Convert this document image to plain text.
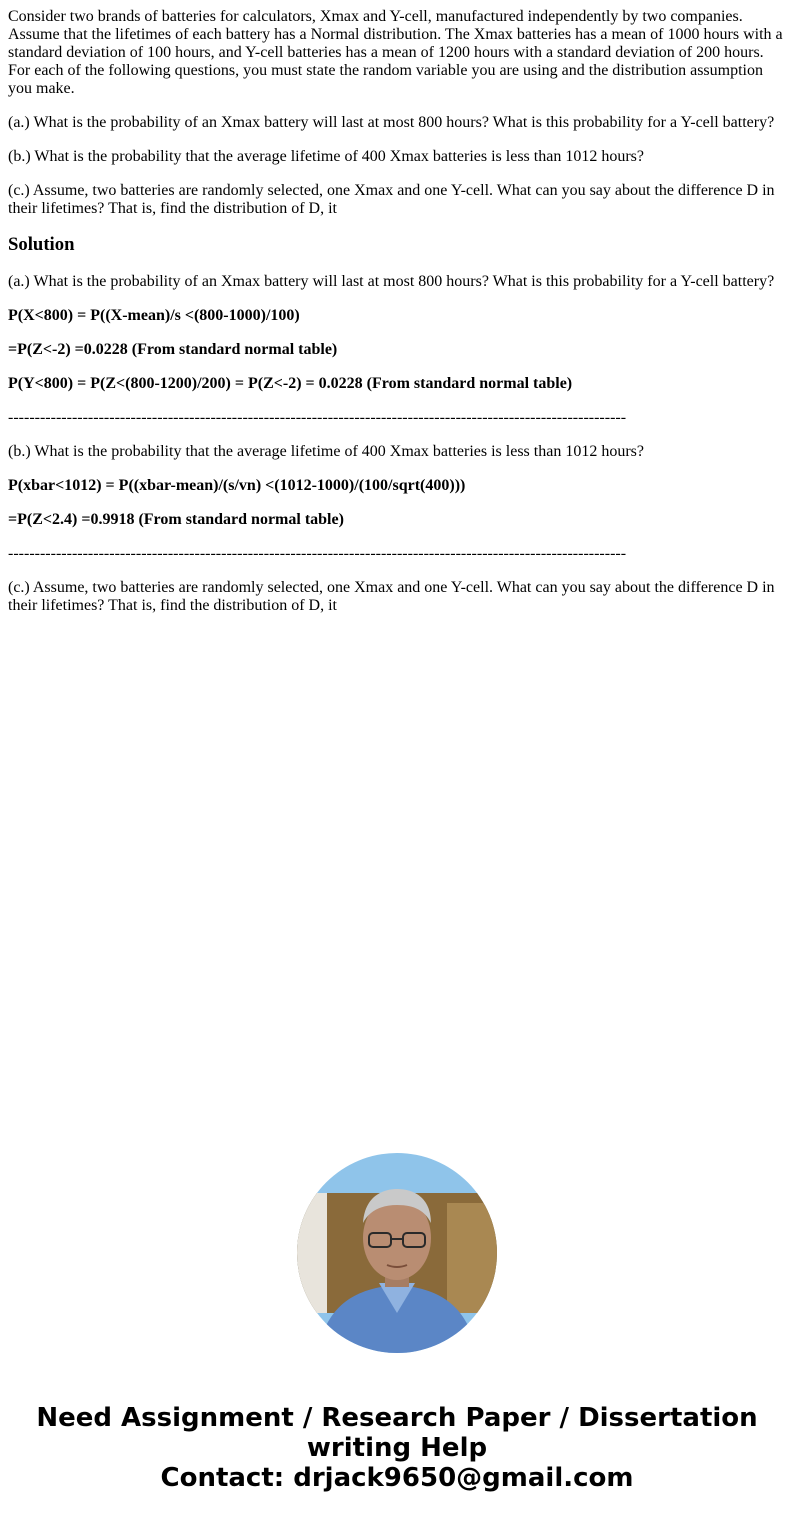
Consider two brands of batteries for calculators, Xmax and Y-cell, manufactured independently by two companies. Assume that the lifetimes of each battery has a Normal distribution. The Xmax batteries has a mean of 1000 hours with a standard deviation of 100 hours, and Y-cell batteries has a mean of 1200 hours with a standard deviation of 200 hours. For each of the following questions, you must state the random variable you are using and the distribution assumption you make.

(a.) What is the probability of an Xmax battery will last at most 800 hours? What is this probability for a Y-cell battery?

(b.) What is the probability that the average lifetime of 400 Xmax batteries is less than 1012 hours?

(c.) Assume, two batteries are randomly selected, one Xmax and one Y-cell. What can you say about the difference D in their lifetimes? That is, find the distribution of D, it

Solution

(a.) What is the probability of an Xmax battery will last at most 800 hours? What is this probability for a Y-cell battery?

P(X<800) = P((X-mean)/s <(800-1000)/100)

=P(Z<-2) =0.0228 (From standard normal table)

P(Y<800) = P(Z<(800-1200)/200) = P(Z<-2) = 0.0228 (From standard normal table)

--------------------------------------------------------------------------------------------------------------------

(b.) What is the probability that the average lifetime of 400 Xmax batteries is less than 1012 hours?

P(xbar<1012) = P((xbar-mean)/(s/vn) <(1012-1000)/(100/sqrt(400)))

=P(Z<2.4) =0.9918 (From standard normal table)

--------------------------------------------------------------------------------------------------------------------

(c.) Assume, two batteries are randomly selected, one Xmax and one Y-cell. What can you say about the difference D in their lifetimes? That is, find the distribution of D, it

Need Assignment / Research Paper / Dissertation
writing Help
Contact: drjack9650@gmail.com
